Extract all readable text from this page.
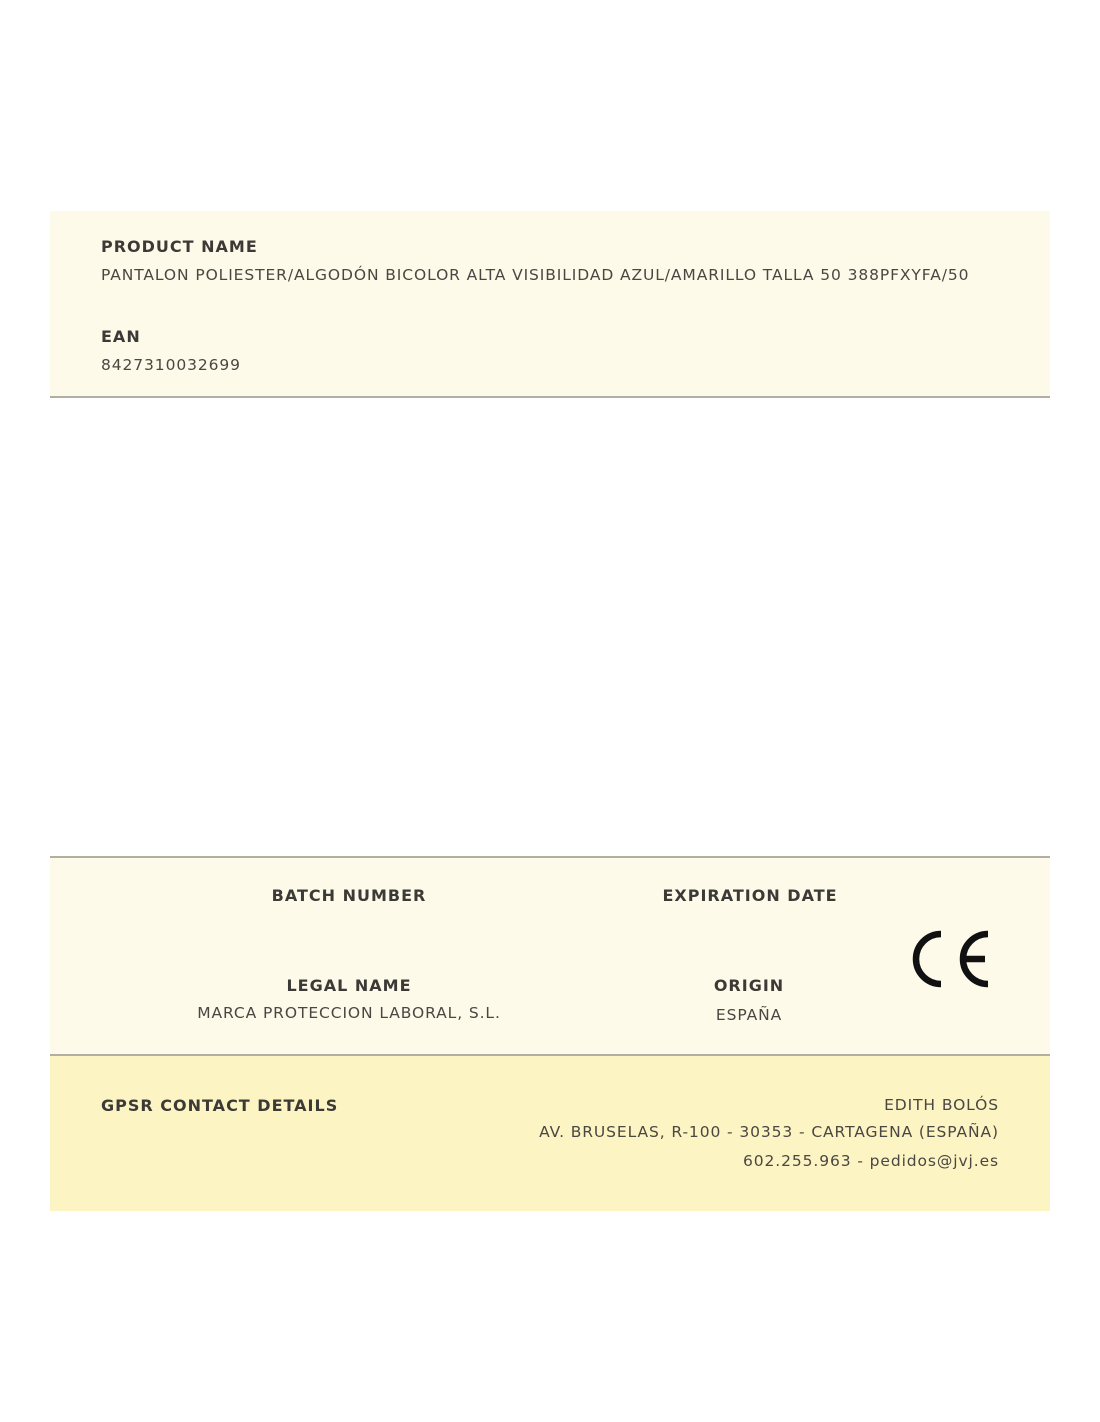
PRODUCT NAME
PANTALON POLIESTER/ALGODÓN BICOLOR ALTA VISIBILIDAD AZUL/AMARILLO TALLA 50 388PFXYFA/50
EAN
8427310032699
BATCH NUMBER	EXPIRATION DATE
LEGAL NAME
MARCA PROTECCION LABORAL, S.L.
ORIGIN
ESPAÑA
GPSR CONTACT DETAILS	EDITH BOLÓS
AV. BRUSELAS, R-100 - 30353 - CARTAGENA (ESPAÑA)
602.255.963 - pedidos@jvj.es
